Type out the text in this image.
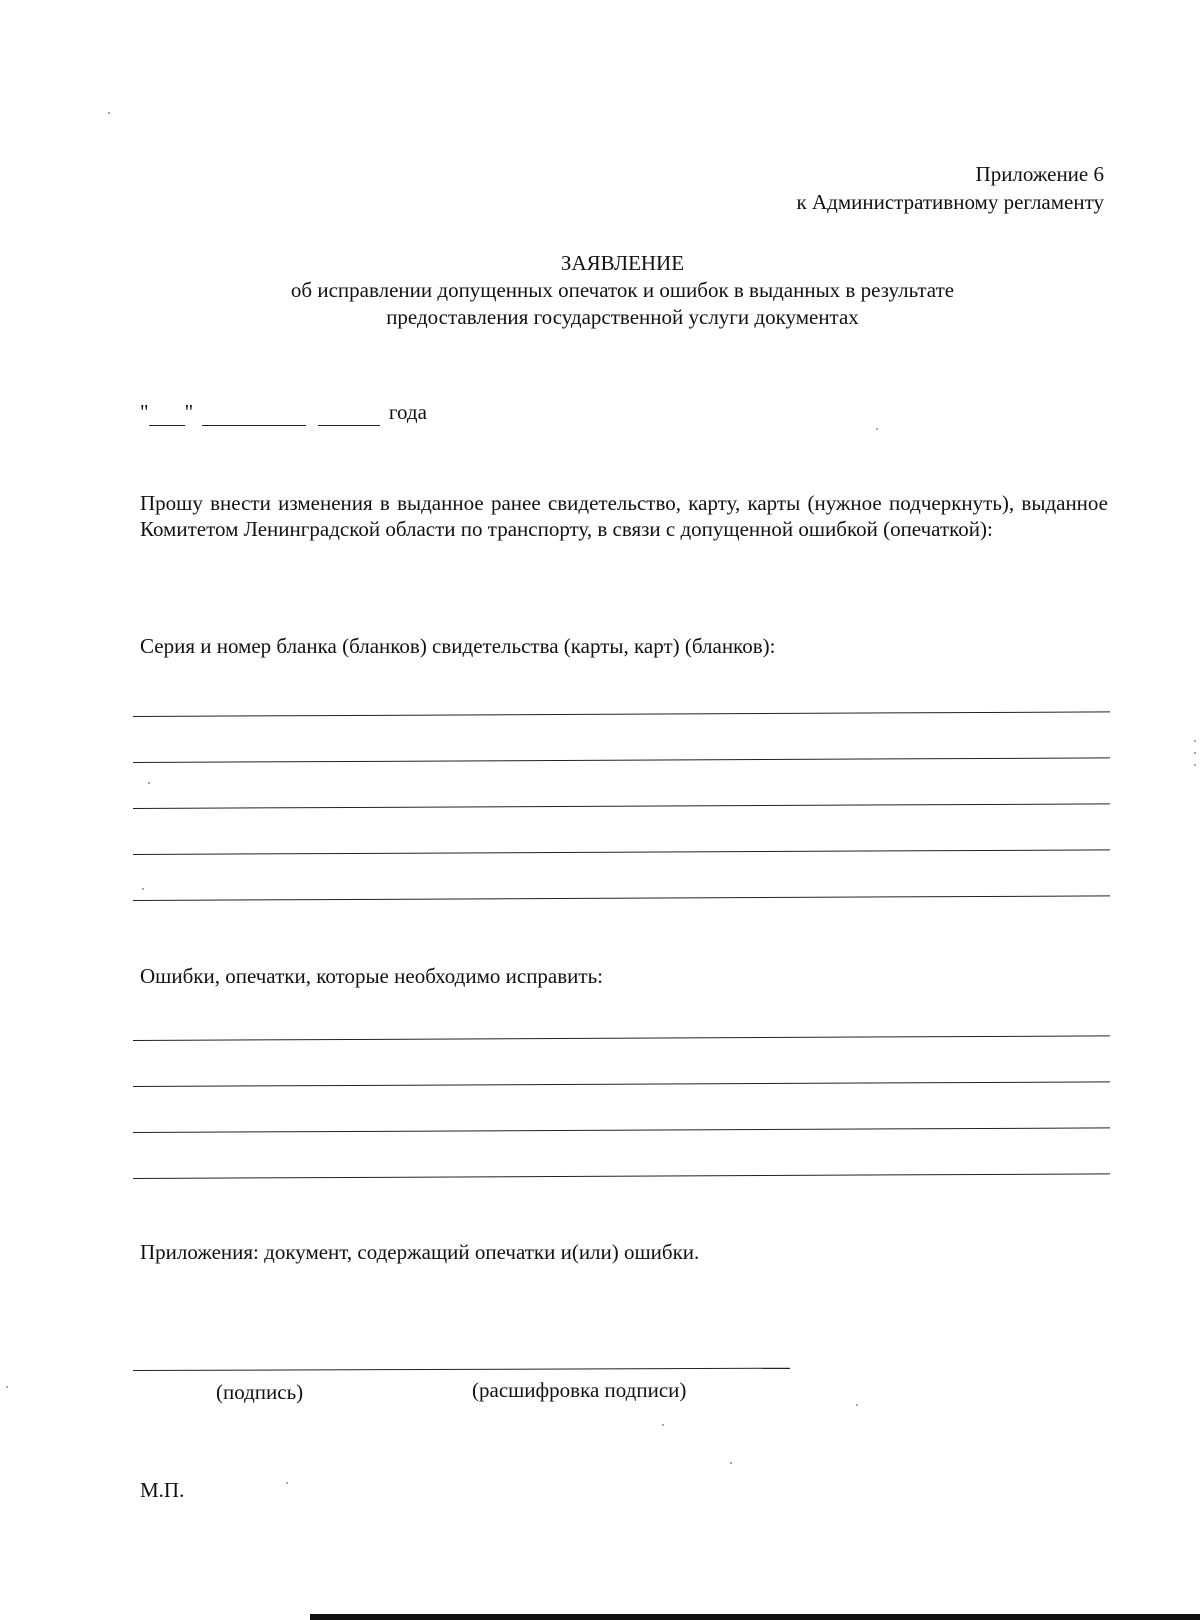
Приложение 6
к Административному регламенту
ЗАЯВЛЕНИЕ
об исправлении допущенных опечаток и ошибок в выданных в результате
предоставления государственной услуги документах
" "	года
Прошу внести изменения в выданное ранее свидетельство, карту, карты (нужное подчеркнуть), выданное Комитетом Ленинградской области по транспорту, в связи с допущенной ошибкой (опечаткой):
Серия и номер бланка (бланков) свидетельства (карты, карт) (бланков):
Ошибки, опечатки, которые необходимо исправить:
Приложения: документ, содержащий опечатки и(или) ошибки.
(подпись)	(расшифровка подписи)
М.П.
